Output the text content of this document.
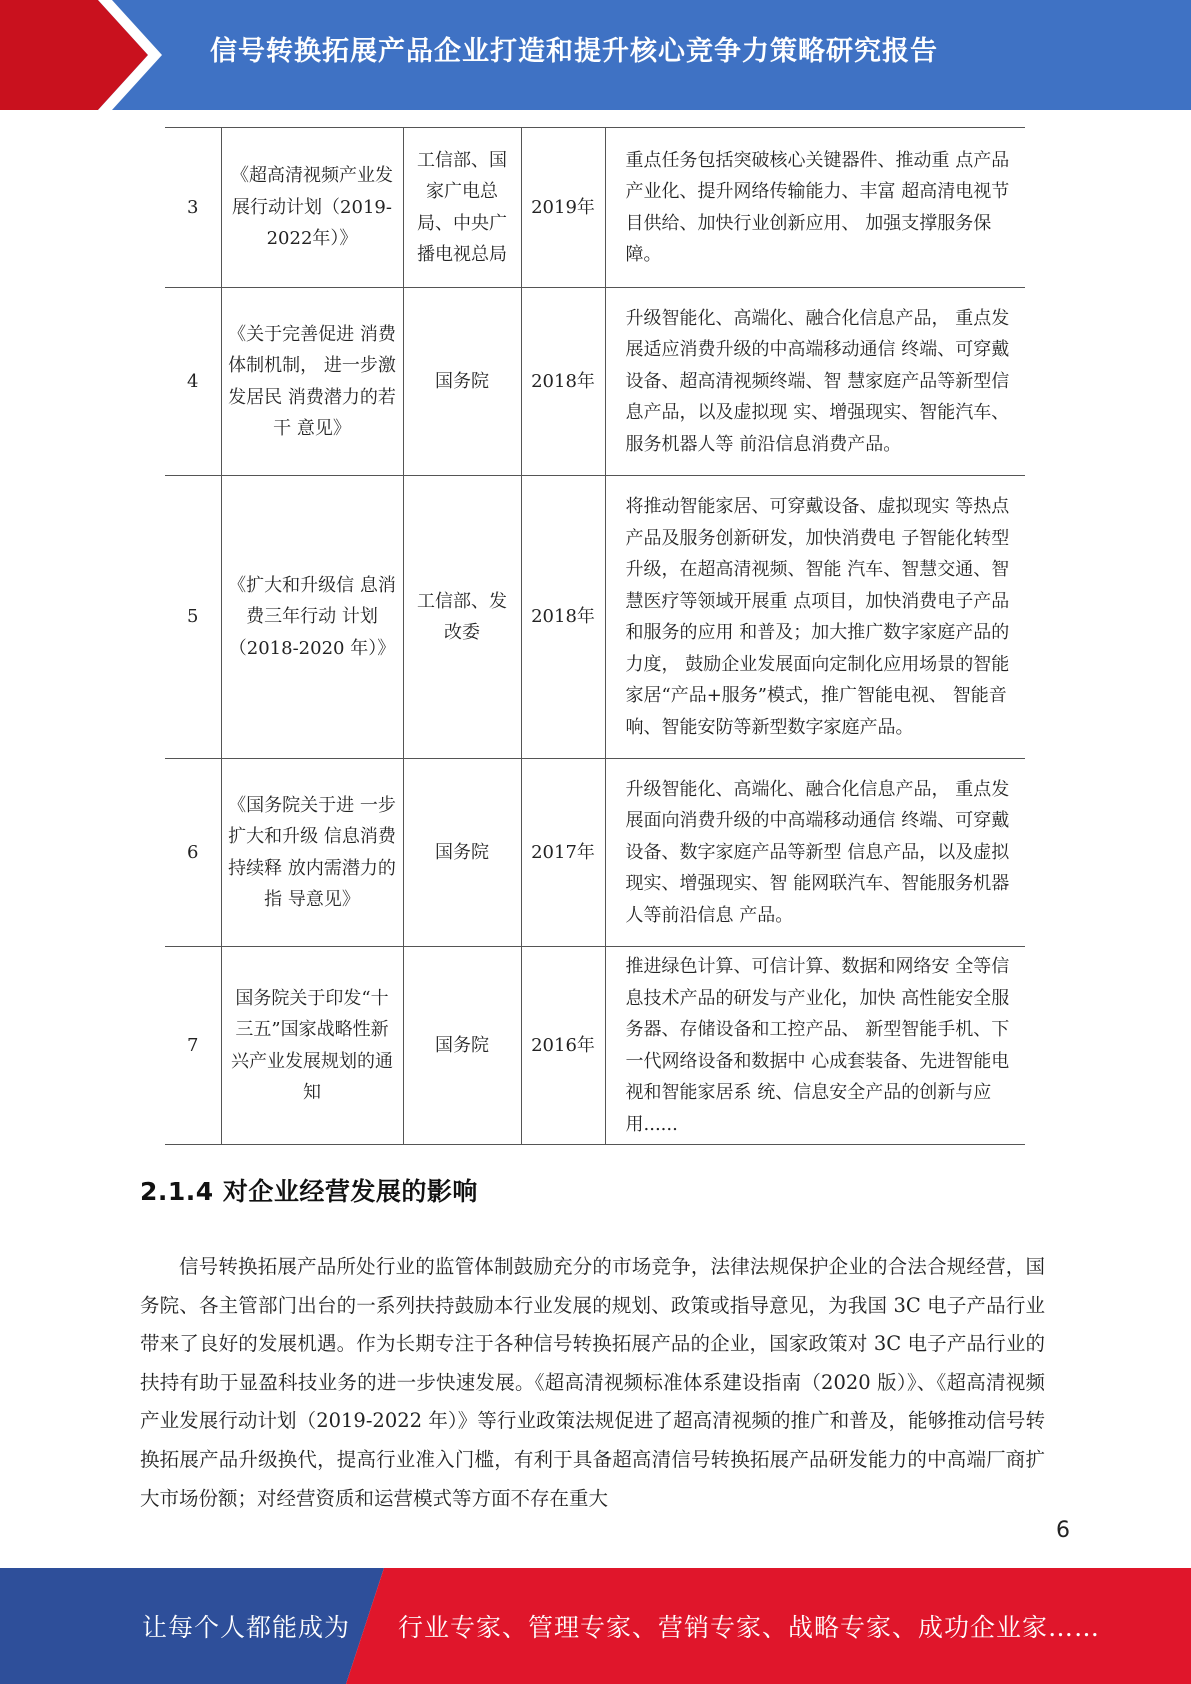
信号转换拓展产品企业打造和提升核心竞争力策略研究报告
3	《超高清视频产业发展行动计划（2019-2022年）》	工信部、国家广电总局、中央广播电视总局	2019年	重点任务包括突破核心关键器件、推动重 点产品产业化、提升网络传输能力、丰富 超高清电视节目供给、加快行业创新应用、 加强支撑服务保障。
4	《关于完善促进 消费体制机制， 进一步激发居民 消费潜力的若干 意见》	国务院	2018年	升级智能化、高端化、融合化信息产品， 重点发展适应消费升级的中高端移动通信 终端、可穿戴设备、超高清视频终端、智 慧家庭产品等新型信息产品，以及虚拟现 实、增强现实、智能汽车、服务机器人等 前沿信息消费产品。
5	《扩大和升级信 息消费三年行动 计划（2018-2020 年）》	工信部、发改委	2018年	将推动智能家居、可穿戴设备、虚拟现实 等热点产品及服务创新研发，加快消费电 子智能化转型升级，在超高清视频、智能 汽车、智慧交通、智慧医疗等领域开展重 点项目，加快消费电子产品和服务的应用 和普及；加大推广数字家庭产品的力度， 鼓励企业发展面向定制化应用场景的智能 家居“产品+服务”模式，推广智能电视、 智能音响、智能安防等新型数字家庭产品。
6	《国务院关于进 一步扩大和升级 信息消费持续释 放内需潜力的指 导意见》	国务院	2017年	升级智能化、高端化、融合化信息产品， 重点发展面向消费升级的中高端移动通信 终端、可穿戴设备、数字家庭产品等新型 信息产品，以及虚拟现实、增强现实、智 能网联汽车、智能服务机器人等前沿信息 产品。
7	国务院关于印发“十三五”国家战略性新兴产业发展规划的通知	国务院	2016年	推进绿色计算、可信计算、数据和网络安 全等信息技术产品的研发与产业化，加快 高性能安全服务器、存储设备和工控产品、 新型智能手机、下一代网络设备和数据中 心成套装备、先进智能电视和智能家居系 统、信息安全产品的创新与应用......
2.1.4 对企业经营发展的影响

信号转换拓展产品所处行业的监管体制鼓励充分的市场竞争，法律法规保护企业的合法合规经营，国务院、各主管部门出台的一系列扶持鼓励本行业发展的规划、政策或指导意见，为我国 3C 电子产品行业带来了良好的发展机遇。作为长期专注于各种信号转换拓展产品的企业，国家政策对 3C 电子产品行业的扶持有助于显盈科技业务的进一步快速发展。《超高清视频标准体系建设指南（2020 版）》、《超高清视频产业发展行动计划（2019-2022 年）》等行业政策法规促进了超高清视频的推广和普及，能够推动信号转换拓展产品升级换代，提高行业准入门槛，有利于具备超高清信号转换拓展产品研发能力的中高端厂商扩大市场份额；对经营资质和运营模式等方面不存在重大

6
让每个人都能成为 行业专家、管理专家、营销专家、战略专家、成功企业家……
